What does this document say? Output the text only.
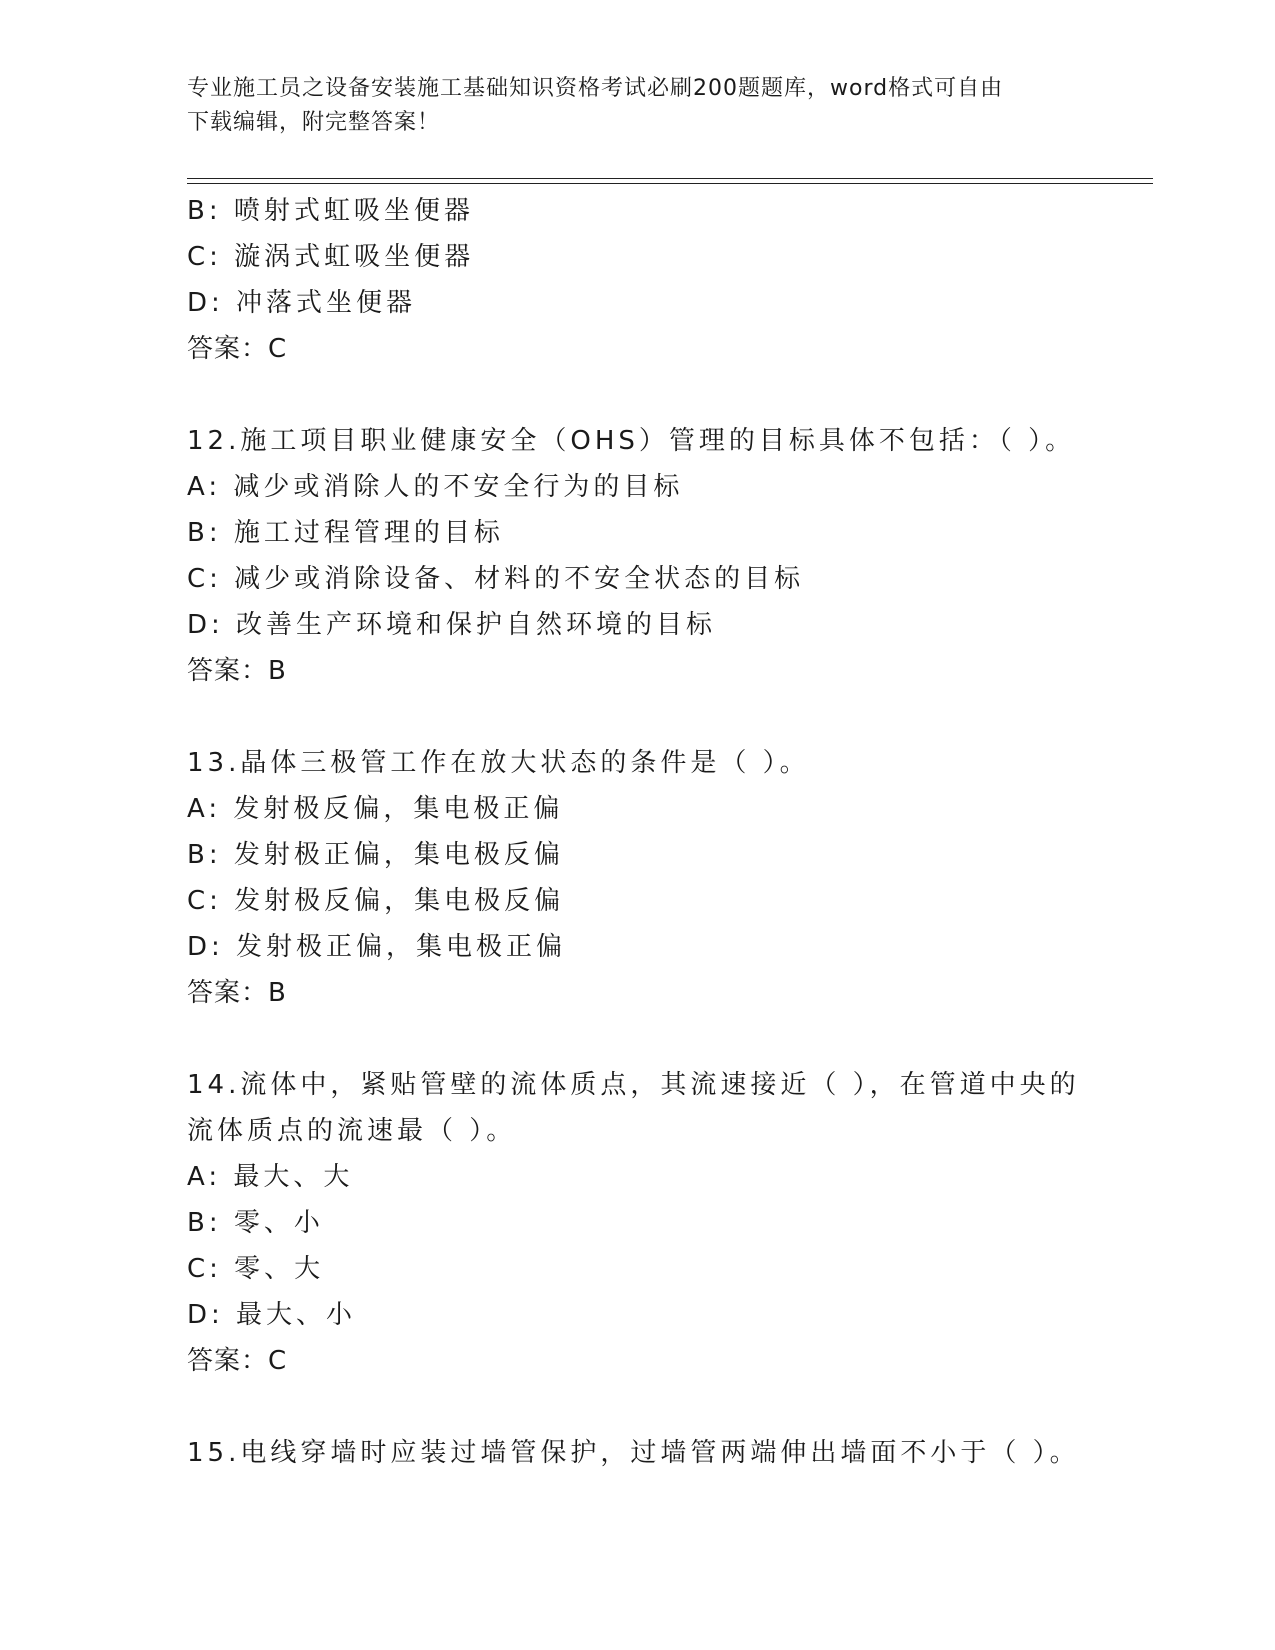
专业施工员之设备安装施工基础知识资格考试必刷200题题库，word格式可自由
下载编辑，附完整答案！
B: 喷射式虹吸坐便器
C: 漩涡式虹吸坐便器
D: 冲落式坐便器
答案：C
12.施工项目职业健康安全（OHS）管理的目标具体不包括：（ ）。
A: 减少或消除人的不安全行为的目标
B: 施工过程管理的目标
C: 减少或消除设备、材料的不安全状态的目标
D: 改善生产环境和保护自然环境的目标
答案：B
13.晶体三极管工作在放大状态的条件是（ ）。
A: 发射极反偏，集电极正偏
B: 发射极正偏，集电极反偏
C: 发射极反偏，集电极反偏
D: 发射极正偏，集电极正偏
答案：B
14.流体中，紧贴管壁的流体质点，其流速接近（ ），在管道中央的
流体质点的流速最（ ）。
A: 最大、大
B: 零、小
C: 零、大
D: 最大、小
答案：C
15.电线穿墙时应装过墙管保护，过墙管两端伸出墙面不小于（ ）。
